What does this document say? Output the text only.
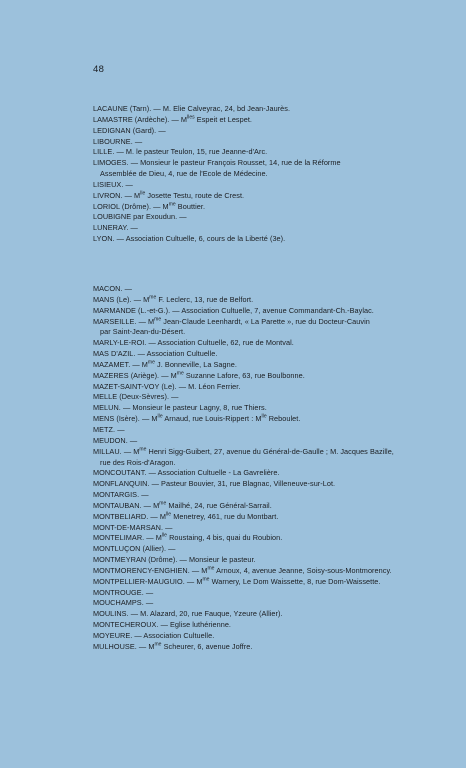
48
LACAUNE (Tarn). — M. Elie Calveyrac, 24, bd Jean-Jaurès.
LAMASTRE (Ardèche). — $M^{lles}$ Espeit et Lespet.
LEDIGNAN (Gard). —
LIBOURNE. —
LILLE. — M. le pasteur Teulon, 15, rue Jeanne-d'Arc.
LIMOGES. — Monsieur le pasteur François Rousset, 14, rue de la Réforme
Assemblée de Dieu, 4, rue de l'Ecole de Médecine.
LISIEUX. —
LIVRON. — $M^{lle}$ Josette Testu, route de Crest.
LORIOL (Drôme). — $M^{me}$ Bouttier.
LOUBIGNE par Exoudun. —
LUNERAY. —
LYON. — Association Cultuelle, 6, cours de la Liberté (3e).
MACON. —
MANS (Le). — $M^{me}$ F. Leclerc, 13, rue de Belfort.
MARMANDE (L.-et-G.). — Association Cultuelle, 7, avenue Commandant-Ch.-Baylac.
MARSEILLE. — $M^{me}$ Jean-Claude Leenhardt, « La Parette », rue du Docteur-Cauvin
par Saint-Jean-du-Désert.
MARLY-LE-ROI. — Association Cultuelle, 62, rue de Montval.
MAS D'AZIL. — Association Cultuelle.
MAZAMET. — $M^{me}$ J. Bonneville, La Sagne.
MAZERES (Ariège). — $M^{me}$ Suzanne Lafore, 63, rue Boulbonne.
MAZET-SAINT-VOY (Le). — M. Léon Ferrier.
MELLE (Deux-Sèvres). —
MELUN. — Monsieur le pasteur Lagny, 8, rue Thiers.
MENS (Isère). — $M^{lle}$ Arnaud, rue Louis-Rippert : $M^{lle}$ Reboulet.
METZ. —
MEUDON. —
MILLAU. — $M^{me}$ Henri Sigg-Guibert, 27, avenue du Général-de-Gaulle ; M. Jacques Bazille,
rue des Rois-d'Aragon.
MONCOUTANT. — Association Cultuelle - La Gavrelière.
MONFLANQUIN. — Pasteur Bouvier, 31, rue Blagnac, Villeneuve-sur-Lot.
MONTARGIS. —
MONTAUBAN. — $M^{me}$ Mailhé, 24, rue Général-Sarrail.
MONTBELIARD. — $M^{lle}$ Menetrey, 461, rue du Montbart.
MONT-DE-MARSAN. —
MONTELIMAR. — $M^{lle}$ Roustaing, 4 bis, quai du Roubion.
MONTLUÇON (Allier). —
MONTMEYRAN (Drôme). — Monsieur le pasteur.
MONTMORENCY-ENGHIEN. — $M^{me}$ Arnoux, 4, avenue Jeanne, Soisy-sous-Montmorency.
MONTPELLIER-MAUGUIO. — $M^{me}$ Warnery, Le Dom Waissette, 8, rue Dom-Waissette.
MONTROUGE. —
MOUCHAMPS. —
MOULINS. — M. Alazard, 20, rue Fauque, Yzeure (Allier).
MONTECHEROUX. — Eglise luthérienne.
MOYEURE. — Association Cultuelle.
MULHOUSE. — $M^{me}$ Scheurer, 6, avenue Joffre.
